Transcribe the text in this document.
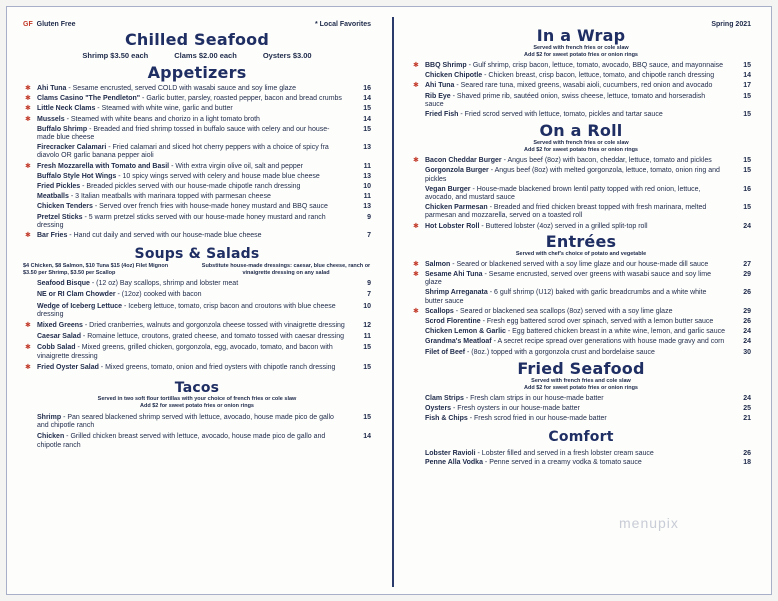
GF Gluten Free	* Local Favorites
Chilled Seafood
Shrimp $3.50 each	Clams $2.00 each	Oysters $3.00
Appetizers
✱ Ahi Tuna - Sesame encrusted, served COLD with wasabi sauce and soy lime glaze	16
✱ Clams Casino "The Pendleton" - Garlic butter, parsley, roasted pepper, bacon and bread crumbs	14
✱ Little Neck Clams - Steamed with white wine, garlic and butter	15
✱ Mussels - Steamed with white beans and chorizo in a light tomato broth	14
Buffalo Shrimp - Breaded and fried shrimp tossed in buffalo sauce with celery and our house-made blue cheese
15
Firecracker Calamari - Fried calamari and sliced hot cherry peppers with a choice of spicy fra diavolo OR garlic banana pepper aioli
13
✱ Fresh Mozzarella with Tomato and Basil - With extra virgin olive oil, salt and pepper	11
Buffalo Style Hot Wings - 10 spicy wings served with celery and house made blue cheese	13
Fried Pickles - Breaded pickles served with our house-made chipotle ranch dressing	10
Meatballs - 3 Italian meatballs with marinara topped with parmesan cheese	11
Chicken Tenders - Served over french fries with house-made honey mustard and BBQ sauce	13
Pretzel Sticks - 5 warm pretzel sticks served with our house-made honey mustard and ranch dressing
9
✱ Bar Fries - Hand cut daily and served with our house-made blue cheese	7
Soups & Salads
$4 Chicken, $8 Salmon, $10 Tuna $15 (4oz) Filet Mignon $3.50 per Shrimp, $3.50 per Scallop
Substitute house-made dressings: caesar, blue cheese, ranch or vinaigrette dressing on any salad
Seafood Bisque - (12 oz) Bay scallops, shrimp and lobster meat	9
NE or RI Clam Chowder - (12oz) cooked with bacon	7
Wedge of Iceberg Lettuce - Iceberg lettuce, tomato, crisp bacon and croutons with blue cheese dressing
10
✱ Mixed Greens - Dried cranberries, walnuts and gorgonzola cheese tossed with vinaigrette dressing	12
Caesar Salad - Romaine lettuce, croutons, grated cheese, and tomato tossed with caesar dressing	11
✱ Cobb Salad - Mixed greens, grilled chicken, gorgonzola, egg, avocado, tomato, and bacon with vinaigrette dressing
15
✱ Fried Oyster Salad - Mixed greens, tomato, onion and fried oysters with chipotle ranch dressing	15
Tacos
Served in two soft flour tortillas with your choice of french fries or cole slaw
Add $2 for sweet potato fries or onion rings
Shrimp - Pan seared blackened shrimp served with lettuce, avocado, house made pico de gallo and chipotle ranch
15
Chicken - Grilled chicken breast served with lettuce, avocado, house made pico de gallo and chipotle ranch
14
Spring 2021
In a Wrap
Served with french fries or cole slaw
Add $2 for sweet potato fries or onion rings
✱ BBQ Shrimp - Gulf shrimp, crisp bacon, lettuce, tomato, avocado, BBQ sauce, and mayonnaise	15
Chicken Chipotle - Chicken breast, crisp bacon, lettuce, tomato, and chipotle ranch dressing	14
✱ Ahi Tuna - Seared rare tuna, mixed greens, wasabi aioli, cucumbers, red onion and avocado	17
Rib Eye - Shaved prime rib, sautéed onion, swiss cheese, lettuce, tomato and horseradish sauce
15
Fried Fish - Fried scrod served with lettuce, tomato, pickles and tartar sauce	15
On a Roll
Served with french fries or cole slaw
Add $2 for sweet potato fries or onion rings
✱ Bacon Cheddar Burger - Angus beef (8oz) with bacon, cheddar, lettuce, tomato and pickles	15
Gorgonzola Burger - Angus beef (8oz) with melted gorgonzola, lettuce, tomato, onion ring and pickles
15
Vegan Burger - House-made blackened brown lentil patty topped with red onion, lettuce, avocado, and mustard sauce
16
Chicken Parmesan - Breaded and fried chicken breast topped with fresh marinara, melted parmesan and mozzarella, served on a toasted roll
15
✱ Hot Lobster Roll - Buttered lobster (4oz) served in a grilled split-top roll	24
Entrées
Served with chef's choice of potato and vegetable
✱ Salmon - Seared or blackened served with a soy lime glaze and our house-made dill sauce	27
✱ Sesame Ahi Tuna - Sesame encrusted, served over greens with wasabi sauce and soy lime glaze
29
Shrimp Arreganata - 6 gulf shrimp (U12) baked with garlic breadcrumbs and a white white butter sauce
26
✱ Scallops - Seared or blackened sea scallops (8oz) served with a soy lime glaze	29
Scrod Florentine - Fresh egg battered scrod over spinach, served with a lemon butter sauce	26
Chicken Lemon & Garlic - Egg battered chicken breast in a white wine, lemon, and garlic sauce	24
Grandma's Meatloaf - A secret recipe spread over generations with house made gravy and corn	24
Filet of Beef - (8oz.) topped with a gorgonzola crust and bordelaise sauce	30
Fried Seafood
Served with french fries and cole slaw
Add $2 for sweet potato fries or onion rings
Clam Strips - Fresh clam strips in our house-made batter	24
Oysters - Fresh oysters in our house-made batter	25
Fish & Chips - Fresh scrod fried in our house-made batter	21
Comfort
Lobster Ravioli - Lobster filled and served in a fresh lobster cream sauce	26
Penne Alla Vodka - Penne served in a creamy vodka & tomato sauce	18
menupix
